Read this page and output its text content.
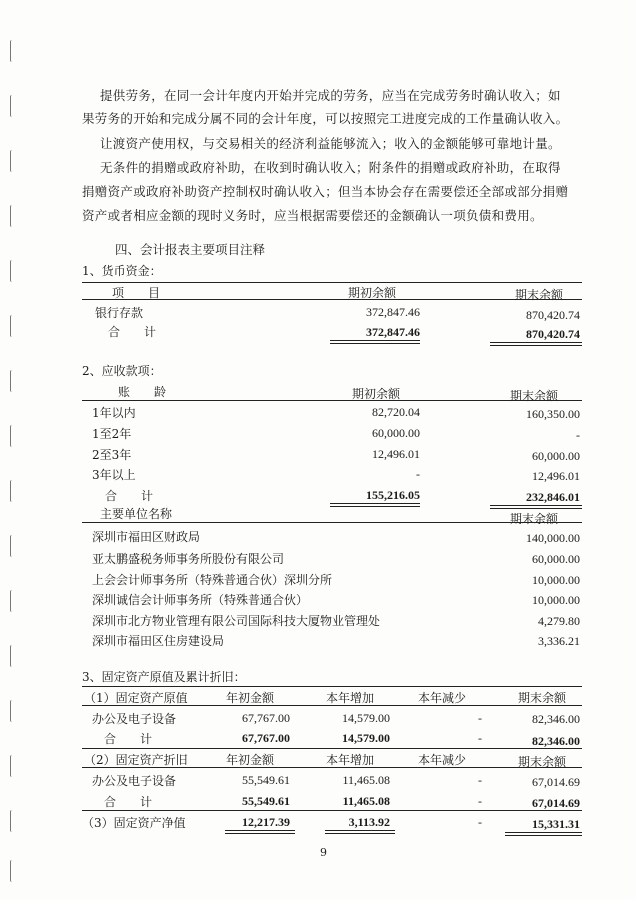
提供劳务，在同一会计年度内开始并完成的劳务，应当在完成劳务时确认收入；如
果劳务的开始和完成分属不同的会计年度，可以按照完工进度完成的工作量确认收入。
让渡资产使用权，与交易相关的经济利益能够流入；收入的金额能够可靠地计量。
无条件的捐赠或政府补助，在收到时确认收入；附条件的捐赠或政府补助，在取得
捐赠资产或政府补助资产控制权时确认收入；但当本协会存在需要偿还全部或部分捐赠
资产或者相应金额的现时义务时，应当根据需要偿还的金额确认一项负债和费用。
四、会计报表主要项目注释
1、货币资金：
项　　目	期初余额	期末余额
银行存款	372,847.46	870,420.74
合　　计	372,847.46	870,420.74
2、应收款项：
账　　龄	期初余额	期末余额
1年以内	82,720.04	160,350.00
1至2年	60,000.00	-
2至3年	12,496.01	60,000.00
3年以上	-	12,496.01
合　　计	155,216.05	232,846.01
主要单位名称	期末余额
深圳市福田区财政局	140,000.00
亚太鹏盛税务师事务所股份有限公司	60,000.00
上会会计师事务所（特殊普通合伙）深圳分所	10,000.00
深圳诚信会计师事务所（特殊普通合伙）	10,000.00
深圳市北方物业管理有限公司国际科技大厦物业管理处	4,279.80
深圳市福田区住房建设局	3,336.21
3、固定资产原值及累计折旧：
（1）固定资产原值	年初金额	本年增加	本年减少	期末余额
办公及电子设备	67,767.00	14,579.00	-	82,346.00
合　　计	67,767.00	14,579.00	-	82,346.00
（2）固定资产折旧	年初金额	本年增加	本年减少	期末余额
办公及电子设备	55,549.61	11,465.08	-	67,014.69
合　　计	55,549.61	11,465.08	-	67,014.69
（3）固定资产净值	12,217.39	3,113.92	-	15,331.31
9
